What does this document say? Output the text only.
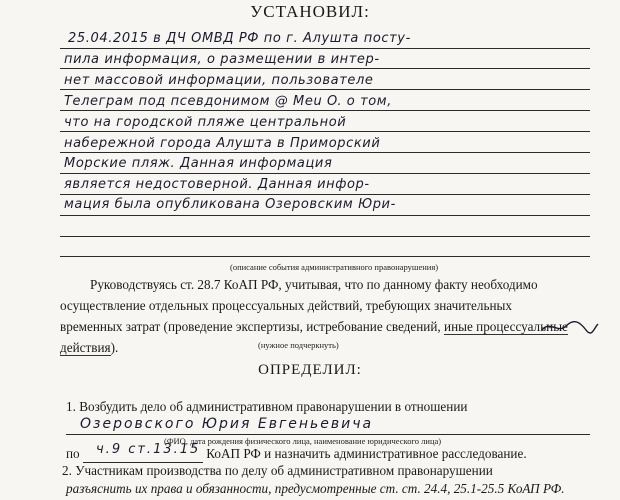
УСТАНОВИЛ:
25.04.2015 в ДЧ ОМВД РФ по г. Алушта посту-
пила информация, о размещении в интер-
нет массовой информации, пользователе
Телеграм под псевдонимом @ Meu O. о том,
что на городской пляже центральной
набережной города Алушта в Приморский
Морские пляж. Данная информация
является недостоверной. Данная инфор-
мация была опубликована Озеровским Юри-
(описание события административного правонарушения)
Руководствуясь ст. 28.7 КоАП РФ, учитывая, что по данному факту необходимо
осуществление отдельных процессуальных действий, требующих значительных
временных затрат (проведение экспертизы, истребование сведений, иные процессуальные
действия).	(нужное подчеркнуть)
ОПРЕДЕЛИЛ:
1. Возбудить дело об административном правонарушении в отношении
Озеровского Юрия Евгеньевича
(ФИО, дата рождения физического лица, наименование юридического лица)
по	КоАП РФ и назначить административное расследование.
ч.9 ст.13.15
2. Участникам производства по делу об административном правонарушении
разъяснить их права и обязанности, предусмотренные ст. ст. 24.4, 25.1-25.5 КоАП РФ.
